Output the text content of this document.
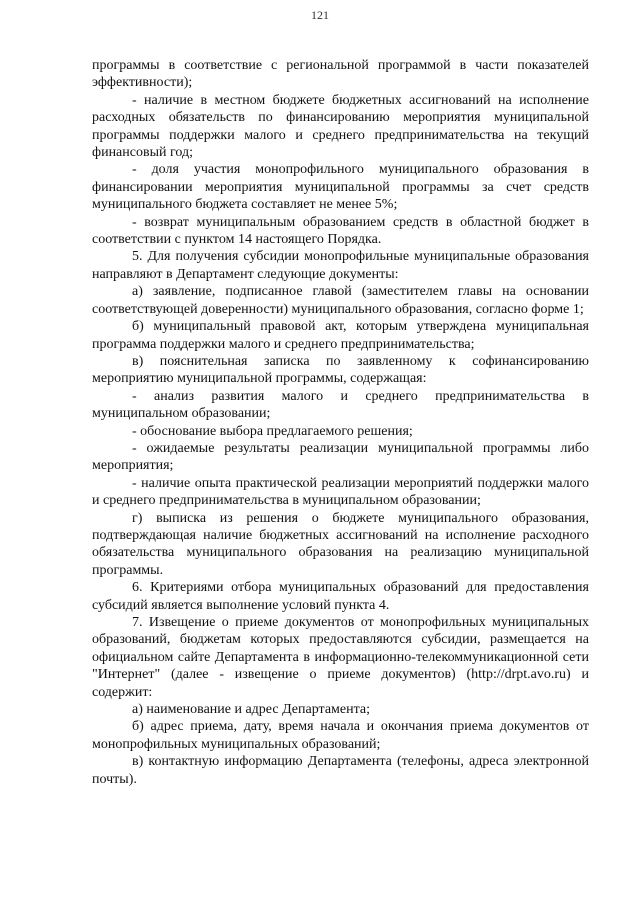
121

программы в соответствие с региональной программой в части показателей эффективности);

- наличие в местном бюджете бюджетных ассигнований на исполнение расходных обязательств по финансированию мероприятия муниципальной программы поддержки малого и среднего предпринимательства на текущий финансовый год;

- доля участия монопрофильного муниципального образования в финансировании мероприятия муниципальной программы за счет средств муниципального бюджета составляет не менее 5%;

- возврат муниципальным образованием средств в областной бюджет в соответствии с пунктом 14 настоящего Порядка.

5. Для получения субсидии монопрофильные муниципальные образования направляют в Департамент следующие документы:

а) заявление, подписанное главой (заместителем главы на основании соответствующей доверенности) муниципального образования, согласно форме 1;

б) муниципальный правовой акт, которым утверждена муниципальная программа поддержки малого и среднего предпринимательства;

в) пояснительная записка по заявленному к софинансированию мероприятию муниципальной программы, содержащая:

- анализ развития малого и среднего предпринимательства в муниципальном образовании;

- обоснование выбора предлагаемого решения;

- ожидаемые результаты реализации муниципальной программы либо мероприятия;

- наличие опыта практической реализации мероприятий поддержки малого и среднего предпринимательства в муниципальном образовании;

г) выписка из решения о бюджете муниципального образования, подтверждающая наличие бюджетных ассигнований на исполнение расходного обязательства муниципального образования на реализацию муниципальной программы.

6. Критериями отбора муниципальных образований для предоставления субсидий является выполнение условий пункта 4.

7. Извещение о приеме документов от монопрофильных муниципальных образований, бюджетам которых предоставляются субсидии, размещается на официальном сайте Департамента в информационно-телекоммуникационной сети "Интернет" (далее - извещение о приеме документов) (http://drpt.avo.ru) и содержит:

а) наименование и адрес Департамента;

б) адрес приема, дату, время начала и окончания приема документов от монопрофильных муниципальных образований;

в) контактную информацию Департамента (телефоны, адреса электронной почты).
